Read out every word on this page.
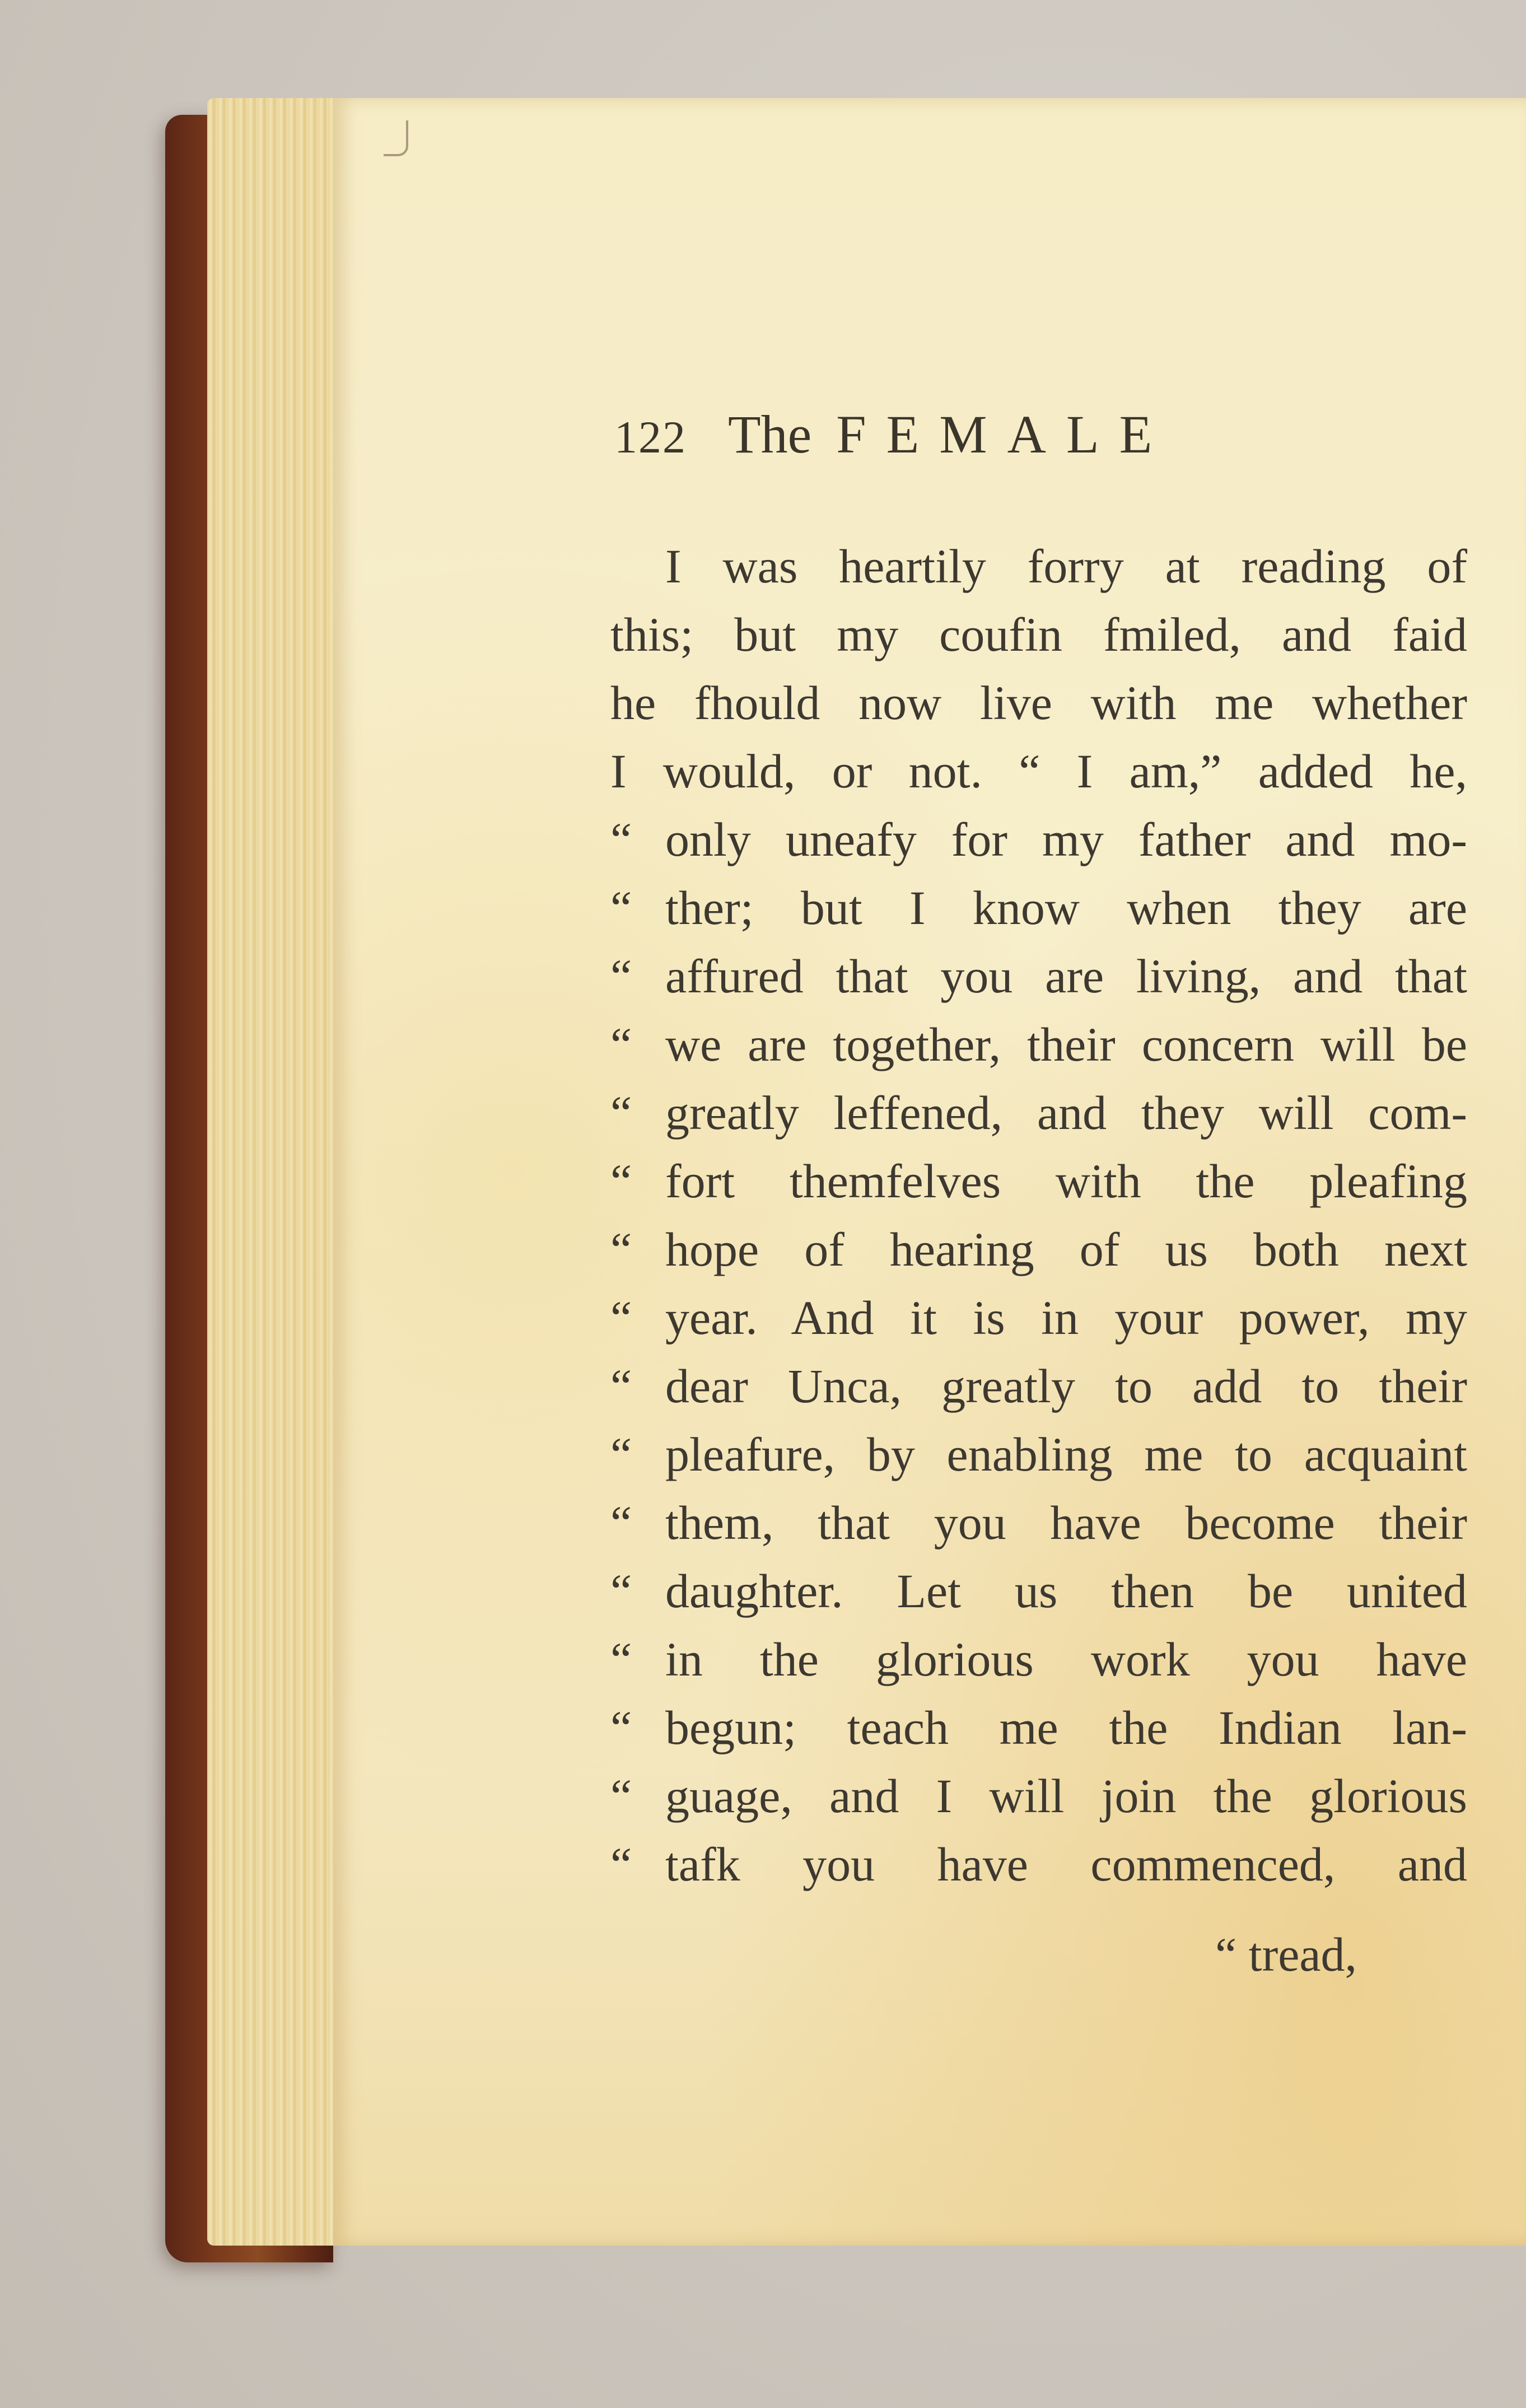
122 The FEMALE
I was heartily forry at reading of
this; but my coufin fmiled, and faid
he fhould now live with me whether
I would, or not. “ I am,” added he,
“ only uneafy for my father and mo-
“ ther; but I know when they are
“ affured that you are living, and that
“ we are together, their concern will be
“ greatly leffened, and they will com-
“ fort themfelves with the pleafing
“ hope of hearing of us both next
“ year. And it is in your power, my
“ dear Unca, greatly to add to their
“ pleafure, by enabling me to acquaint
“ them, that you have become their
“ daughter. Let us then be united
“ in the glorious work you have
“ begun; teach me the Indian lan-
“ guage, and I will join the glorious
“ tafk you have commenced, and
“ tread,
